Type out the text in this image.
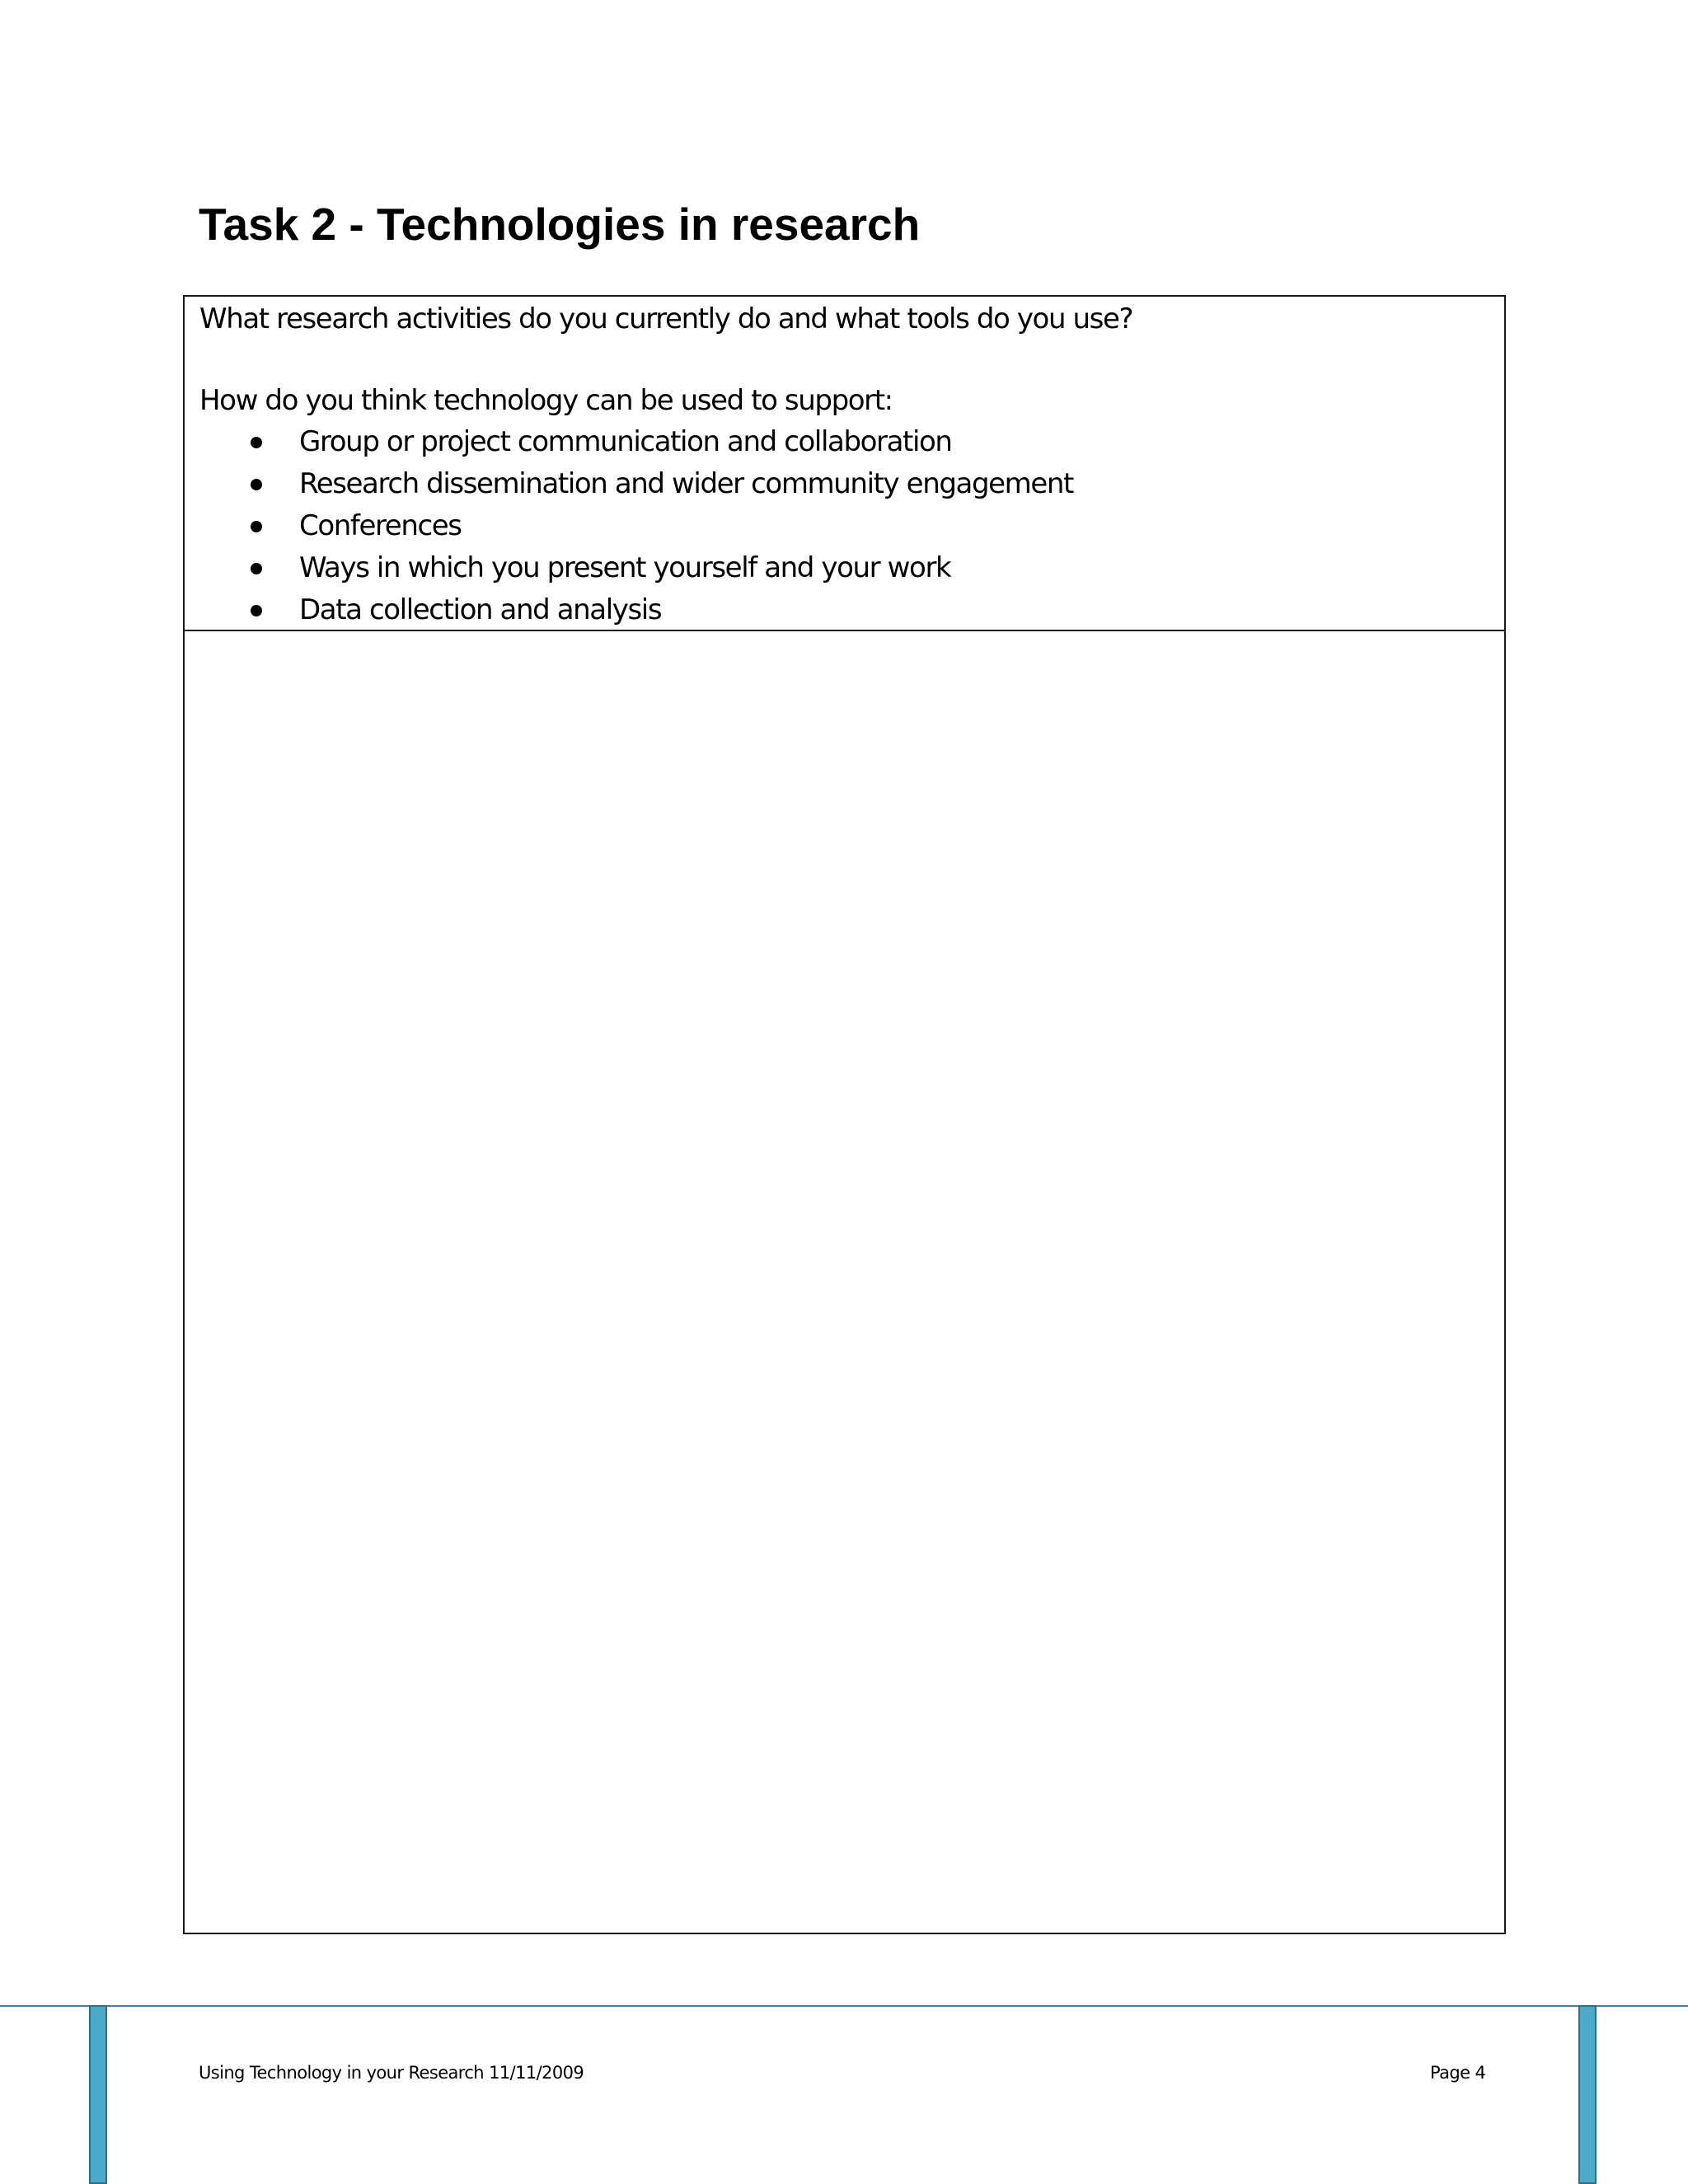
Task 2 - Technologies in research
What research activities do you currently do and what tools do you use?
How do you think technology can be used to support:
Group or project communication and collaboration
Research dissemination and wider community engagement
Conferences
Ways in which you present yourself and your work
Data collection and analysis
Using Technology in your Research 11/11/2009	Page 4
